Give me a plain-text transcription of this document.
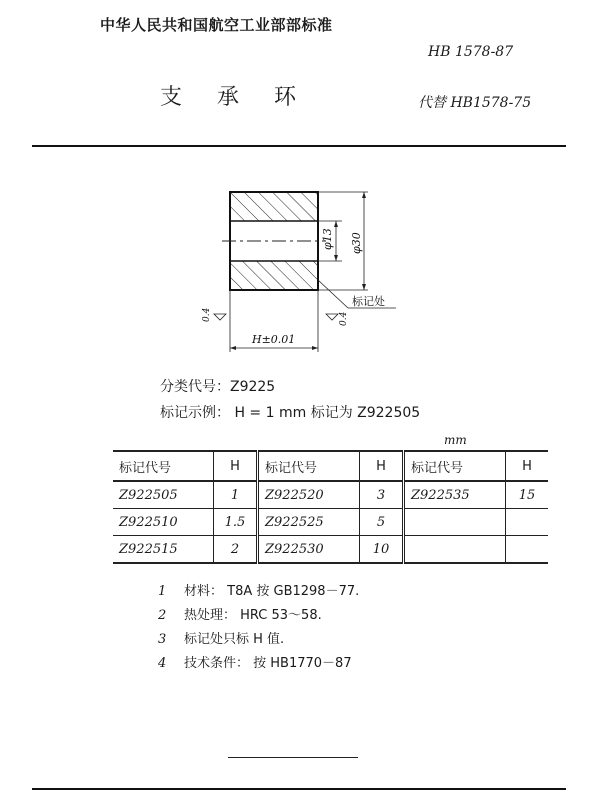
中华人民共和国航空工业部部标准
HB 1578-87
支 承 环	代替 HB1578-75
φ13 φ30
H±0.01
标记处
0.4	0.4
分类代号：Z9225
标记示例： H = 1 mm 标记为 Z922505
mm
标记代号	H	标记代号	H	标记代号	H
Z922505	1	Z922520	3	Z922535	15
Z922510	1.5	Z922525	5		
Z922515	2	Z922530	10		
1 材料： T8A 按 GB1298－77.
2 热处理： HRC 53～58.
3 标记处只标 H 值.
4 技术条件： 按 HB1770－87
